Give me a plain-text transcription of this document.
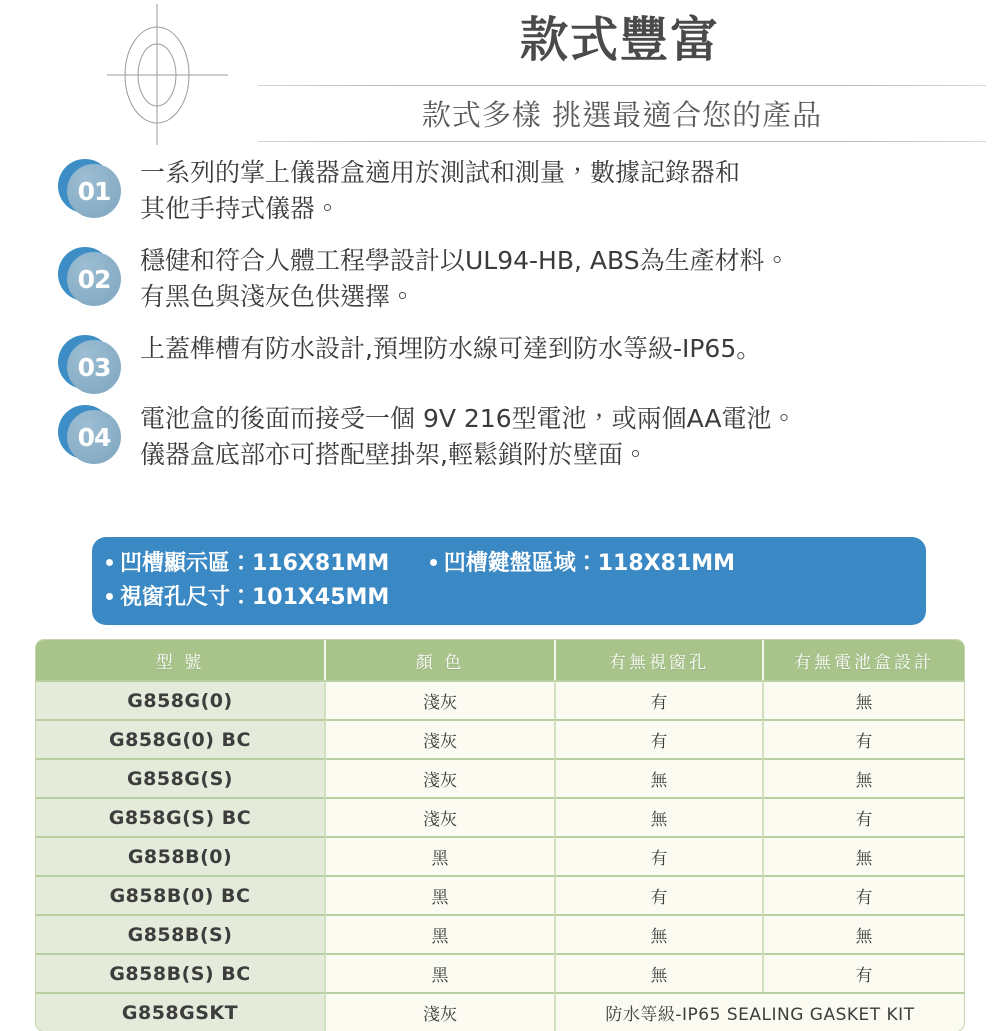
款式豐富
款式多樣 挑選最適合您的產品
01
一系列的掌上儀器盒適用於測試和測量，數據記錄器和
其他手持式儀器。
02
穩健和符合人體工程學設計以UL94-HB, ABS為生產材料。
有黑色與淺灰色供選擇。
03
上蓋榫槽有防水設計,預埋防水線可達到防水等級-IP65。
04
電池盒的後面而接受一個 9V 216型電池，或兩個AA電池。
儀器盒底部亦可搭配壁掛架,輕鬆鎖附於壁面。
凹槽顯示區：116X81MM 凹槽鍵盤區域：118X81MM
視窗孔尺寸：101X45MM
型 號	顏 色	有無視窗孔	有無電池盒設計
G858G(0)	淺灰	有	無
G858G(0) BC	淺灰	有	有
G858G(S)	淺灰	無	無
G858G(S) BC	淺灰	無	有
G858B(0)	黑	有	無
G858B(0) BC	黑	有	有
G858B(S)	黑	無	無
G858B(S) BC	黑	無	有
G858GSKT	淺灰	防水等級-IP65 SEALING GASKET KIT	
